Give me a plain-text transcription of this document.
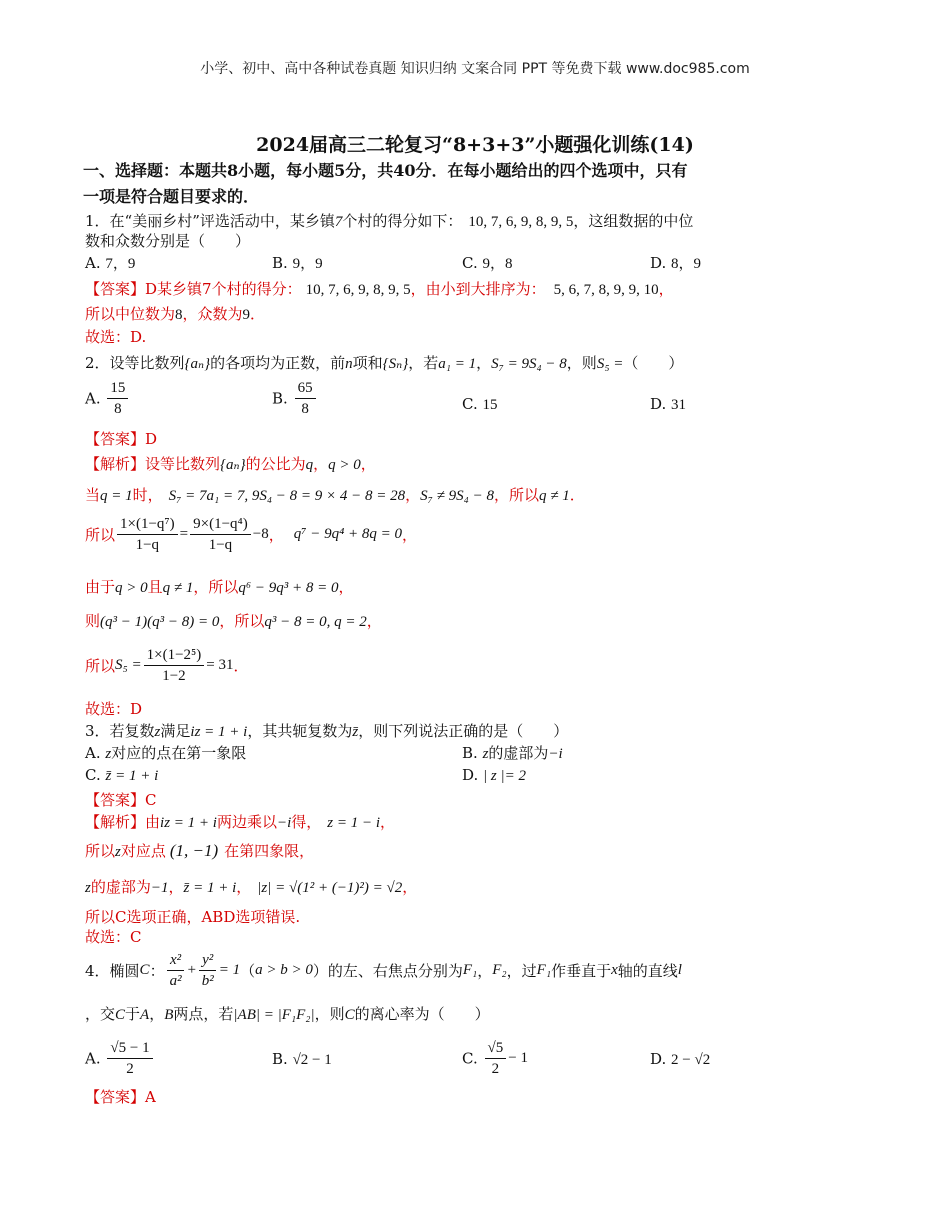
小学、初中、高中各种试卷真题 知识归纳 文案合同 PPT 等免费下载 www.doc985.com
2024届高三二轮复习“8+3+3”小题强化训练(14)
一、选择题：本题共8小题，每小题5分，共40分．在每小题给出的四个选项中，只有
一项是符合题目要求的．
1．在“美丽乡村”评选活动中，某乡镇7个村的得分如下： 10, 7, 6, 9, 8, 9, 5，这组数据的中位
数和众数分别是（　　）
A. 7，9	B. 9，9	C. 9，8	D. 8，9
【答案】D某乡镇7个村的得分： 10, 7, 6, 9, 8, 9, 5，由小到大排序为： 5, 6, 7, 8, 9, 9, 10，
所以中位数为8，众数为9．
故选：D.
2．设等比数列{aₙ}的各项均为正数，前n项和{Sₙ}，若a₁ = 1，S₇ = 9S₄ − 8，则S₅ =（　　）
A. $\frac{15}{8}$	B. $\frac{65}{8}$	C. 15	D. 31
【答案】D
【解析】设等比数列{aₙ}的公比为q，q > 0，
当q = 1时， S₇ = 7a₁ = 7, 9S₄ − 8 = 9 × 4 − 8 = 28，S₇ ≠ 9S₄ − 8，所以q ≠ 1．
所以 $\frac{\text{1×(1−q⁷)}}{1-q} = \frac{\text{9×(1−q⁴)}}{1-q} -8$， q⁷ − 9q⁴ + 8q = 0，
由于q > 0且q ≠ 1，所以q⁶ − 9q³ + 8 = 0，
则(q³ − 1)(q³ − 8) = 0，所以q³ − 8 = 0, q = 2，
所以$S_5 = \frac{\text{1×(1−2⁵)}}{1-2} = 31$．
故选：D
3．若复数z满足iz = 1 + i，其共轭复数为z̄，则下列说法正确的是（　　）
A. z对应的点在第一象限	B. z的虚部为−i
C. z̄ = 1 + i	D. | z |= 2
【答案】C
【解析】由iz = 1 + i两边乘以−i得， z = 1 − i，
所以z对应点 (1, −1) 在第四象限，
z的虚部为−1，z̄ = 1 + i， |z| = √(1² + (−1)²) = √2，
所以C选项正确，ABD选项错误.
故选：C
4．椭圆C： $\frac{\text{x²}}{\text{a²}} + \frac{\text{y²}}{\text{b²}} = 1(a > b > 0)$的左、右焦点分别为F₁，F₂，过F₁作垂直于x轴的直线l
，交C于A，B两点，若|AB| = |F₁F₂|，则C的离心率为（　　）
A. $\frac{√5 - 1}{2}$	B. √2 − 1	C. $\frac{√5}{2} - 1$	D. 2 − √2
【答案】A
